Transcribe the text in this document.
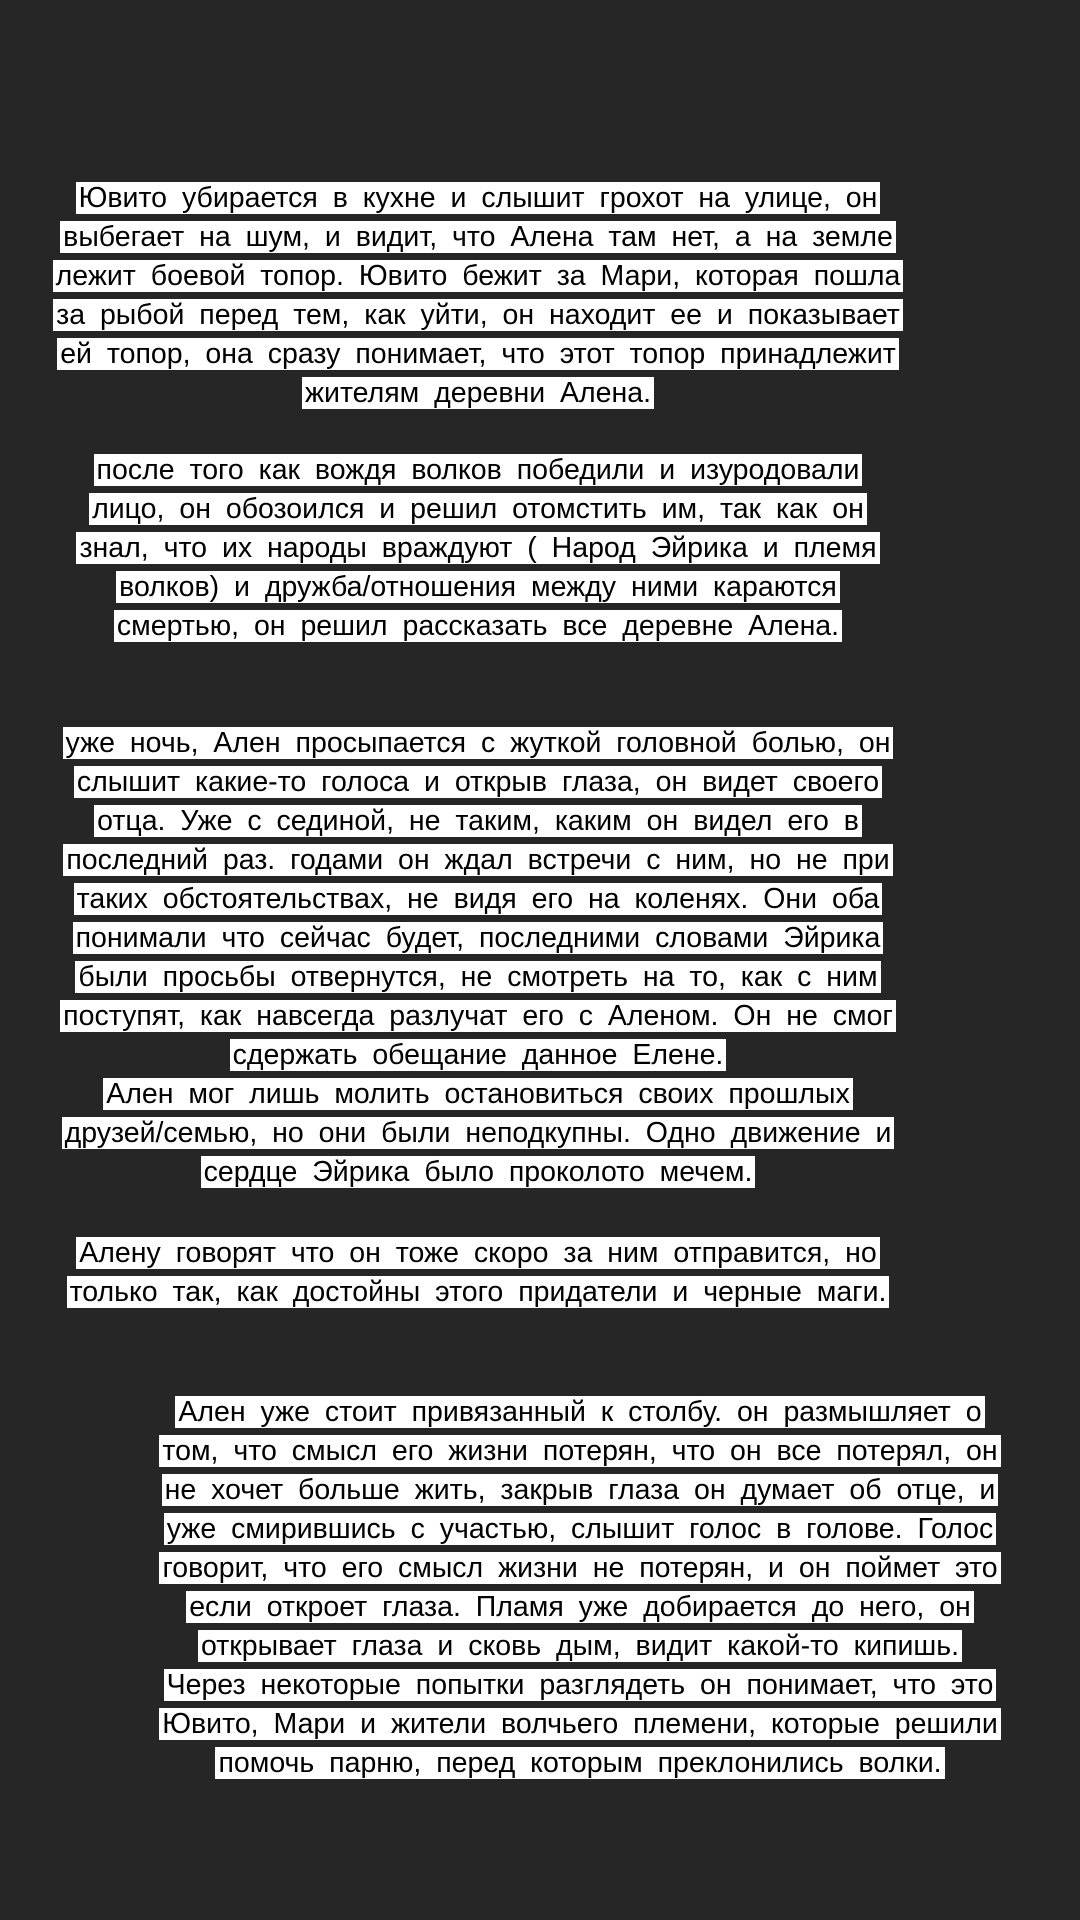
Ювито убирается в кухне и слышит грохот на улице, он
выбегает на шум, и видит, что Алена там нет, а на земле
лежит боевой топор. Ювито бежит за Мари, которая пошла
за рыбой перед тем, как уйти, он находит ее и показывает
ей топор, она сразу понимает, что этот топор принадлежит
жителям деревни Алена.
после того как вождя волков победили и изуродовали
лицо, он обозоился и решил отомстить им, так как он
знал, что их народы враждуют ( Народ Эйрика и племя
волков) и дружба/отношения между ними караются
смертью, он решил рассказать все деревне Алена.
уже ночь, Ален просыпается с жуткой головной болью, он
слышит какие-то голоса и открыв глаза, он видет своего
отца. Уже с сединой, не таким, каким он видел его в
последний раз. годами он ждал встречи с ним, но не при
таких обстоятельствах, не видя его на коленях. Они оба
понимали что сейчас будет, последними словами Эйрика
были просьбы отвернутся, не смотреть на то, как с ним
поступят, как навсегда разлучат его с Аленом. Он не смог
сдержать обещание данное Елене.
Ален мог лишь молить остановиться своих прошлых
друзей/семью, но они были неподкупны. Одно движение и
сердце Эйрика было проколото мечем.
Алену говорят что он тоже скоро за ним отправится, но
только так, как достойны этого придатели и черные маги.
Ален уже стоит привязанный к столбу. он размышляет о
том, что смысл его жизни потерян, что он все потерял, он
не хочет больше жить, закрыв глаза он думает об отце, и
уже смирившись с участью, слышит голос в голове. Голос
говорит, что его смысл жизни не потерян, и он поймет это
если откроет глаза. Пламя уже добирается до него, он
открывает глаза и сковь дым, видит какой-то кипишь.
Через некоторые попытки разглядеть он понимает, что это
Ювито, Мари и жители волчьего племени, которые решили
помочь парню, перед которым преклонились волки.
